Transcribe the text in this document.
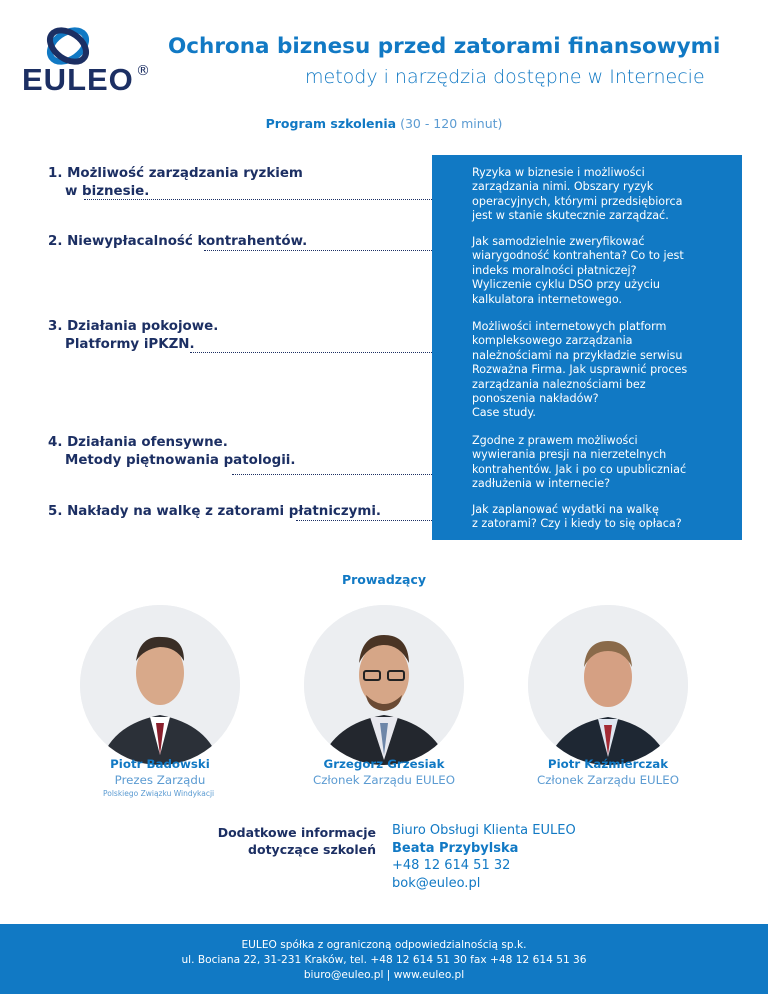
EULEO ®
Ochrona biznesu przed zatorami finansowymi
metody i narzędzia dostępne w Internecie
Program szkolenia (30 - 120 minut)
1. Możliwość zarządzania ryzkiem
w biznesie.
Ryzyka w biznesie i możliwości
zarządzania nimi. Obszary ryzyk
operacyjnych, którymi przedsiębiorca
jest w stanie skutecznie zarządzać.
2. Niewypłacalność kontrahentów.	Jak samodzielnie zweryfikować
wiarygodność kontrahenta? Co to jest
indeks moralności płatniczej?
Wyliczenie cyklu DSO przy użyciu
kalkulatora internetowego.
3. Działania pokojowe.
Platformy iPKZN.
Możliwości internetowych platform
kompleksowego zarządzania
należnościami na przykładzie serwisu
Rozważna Firma. Jak usprawnić proces
zarządzania nalezności​ami bez
ponoszenia nakładów?
Case study.
4. Działania ofensywne.
Metody piętnowania patologii.
Zgodne z prawem możliwości
wywierania presji na nierzetelnych
kontrahentów. Jak i po co upubliczniać
zadłużenia w internecie?
5. Nakłady na walkę z zatorami płatniczymi.	Jak zaplanować wydatki na walkę
z zatorami? Czy i kiedy to się opłaca?
Prowadzący
Piotr Badowski
Prezes Zarządu
Polskiego Związku Windykacji
Grzegorz Grzesiak
Członek Zarządu EULEO
Piotr Kaźmierczak
Członek Zarządu EULEO
Dodatkowe informacje
dotyczące szkoleń
Biuro Obsługi Klienta EULEO
Beata Przybylska
+48 12 614 51 32
bok@euleo.pl
EULEO spółka z ograniczoną odpowiedzialnością sp.k.
ul. Bociana 22, 31-231 Kraków, tel. +48 12 614 51 30 fax +48 12 614 51 36
biuro@euleo.pl | www.euleo.pl
